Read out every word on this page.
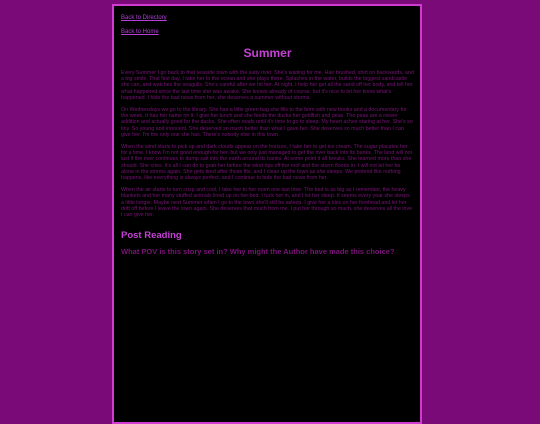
Back to Directory
Back to Home
Summer

Every Summer I go back to that seaside town with the salty river. She's waiting for me. Hair brushed, shirt on backwards, and a big smile. That first day, I take her to the ocean and she plays there. Splashes in the water, builds the biggest sandcastle she can, and watches the seagulls. She's careful after we hit her. At night, I help her get all the sand off her body, and tell her what happened since the last time she was awake. She knows already of course, but it's nice to let her know what's happened. I hide the bad news from her, she deserves a summer without storms.

On Wednesdays we go to the library. She has a little green bag she fills to the brim with new books and a documentary for the week. It has her name on it. I give her lunch and she feeds the ducks her goldfish and peas. The peas are a newer addition and actually good for the ducks. She often reads until it's time to go to sleep. My heart aches staring at her. She's so tiny. So young and innocent. She deserved so much better than what I gave her. She deserves so much better than I can give her. I'm the only one she has. There's nobody else in this town.

When the wind starts to pick up and dark clouds appear on the horizon, I take her to get ice cream. The sugar placates her for a time. I know I'm not good enough for her, but we only just managed to get the river back into its banks. The land will not last if the river continues to dump salt into the earth around its banks. At some point it all breaks. She learned more than she should. She cries. It's all I can do to grab her before the wind rips off the roof and the storm floods in. I will not let her be alone in the storms again. She gets tired after those fits, and I clean up the town as she sleeps. We pretend like nothing happens, like everything is always perfect, and I continue to hide the bad news from her.

When the air starts to turn crisp and cool, I take her to her room one last time. The bed is as big as I remember, the heavy blankets and her many stuffed animals lined up on her bed. I tuck her in, and I let her sleep. It seems every year she sleeps a little longer. Maybe next Summer when I go to the town she'll still be asleep. I give her a kiss on her forehead and let her drift off before I leave the town again. She deserves that much from me. I put her through so much, she deserves all the love I can give her.

Post Reading

What POV is this story set in? Why might the Author have made this choice?
